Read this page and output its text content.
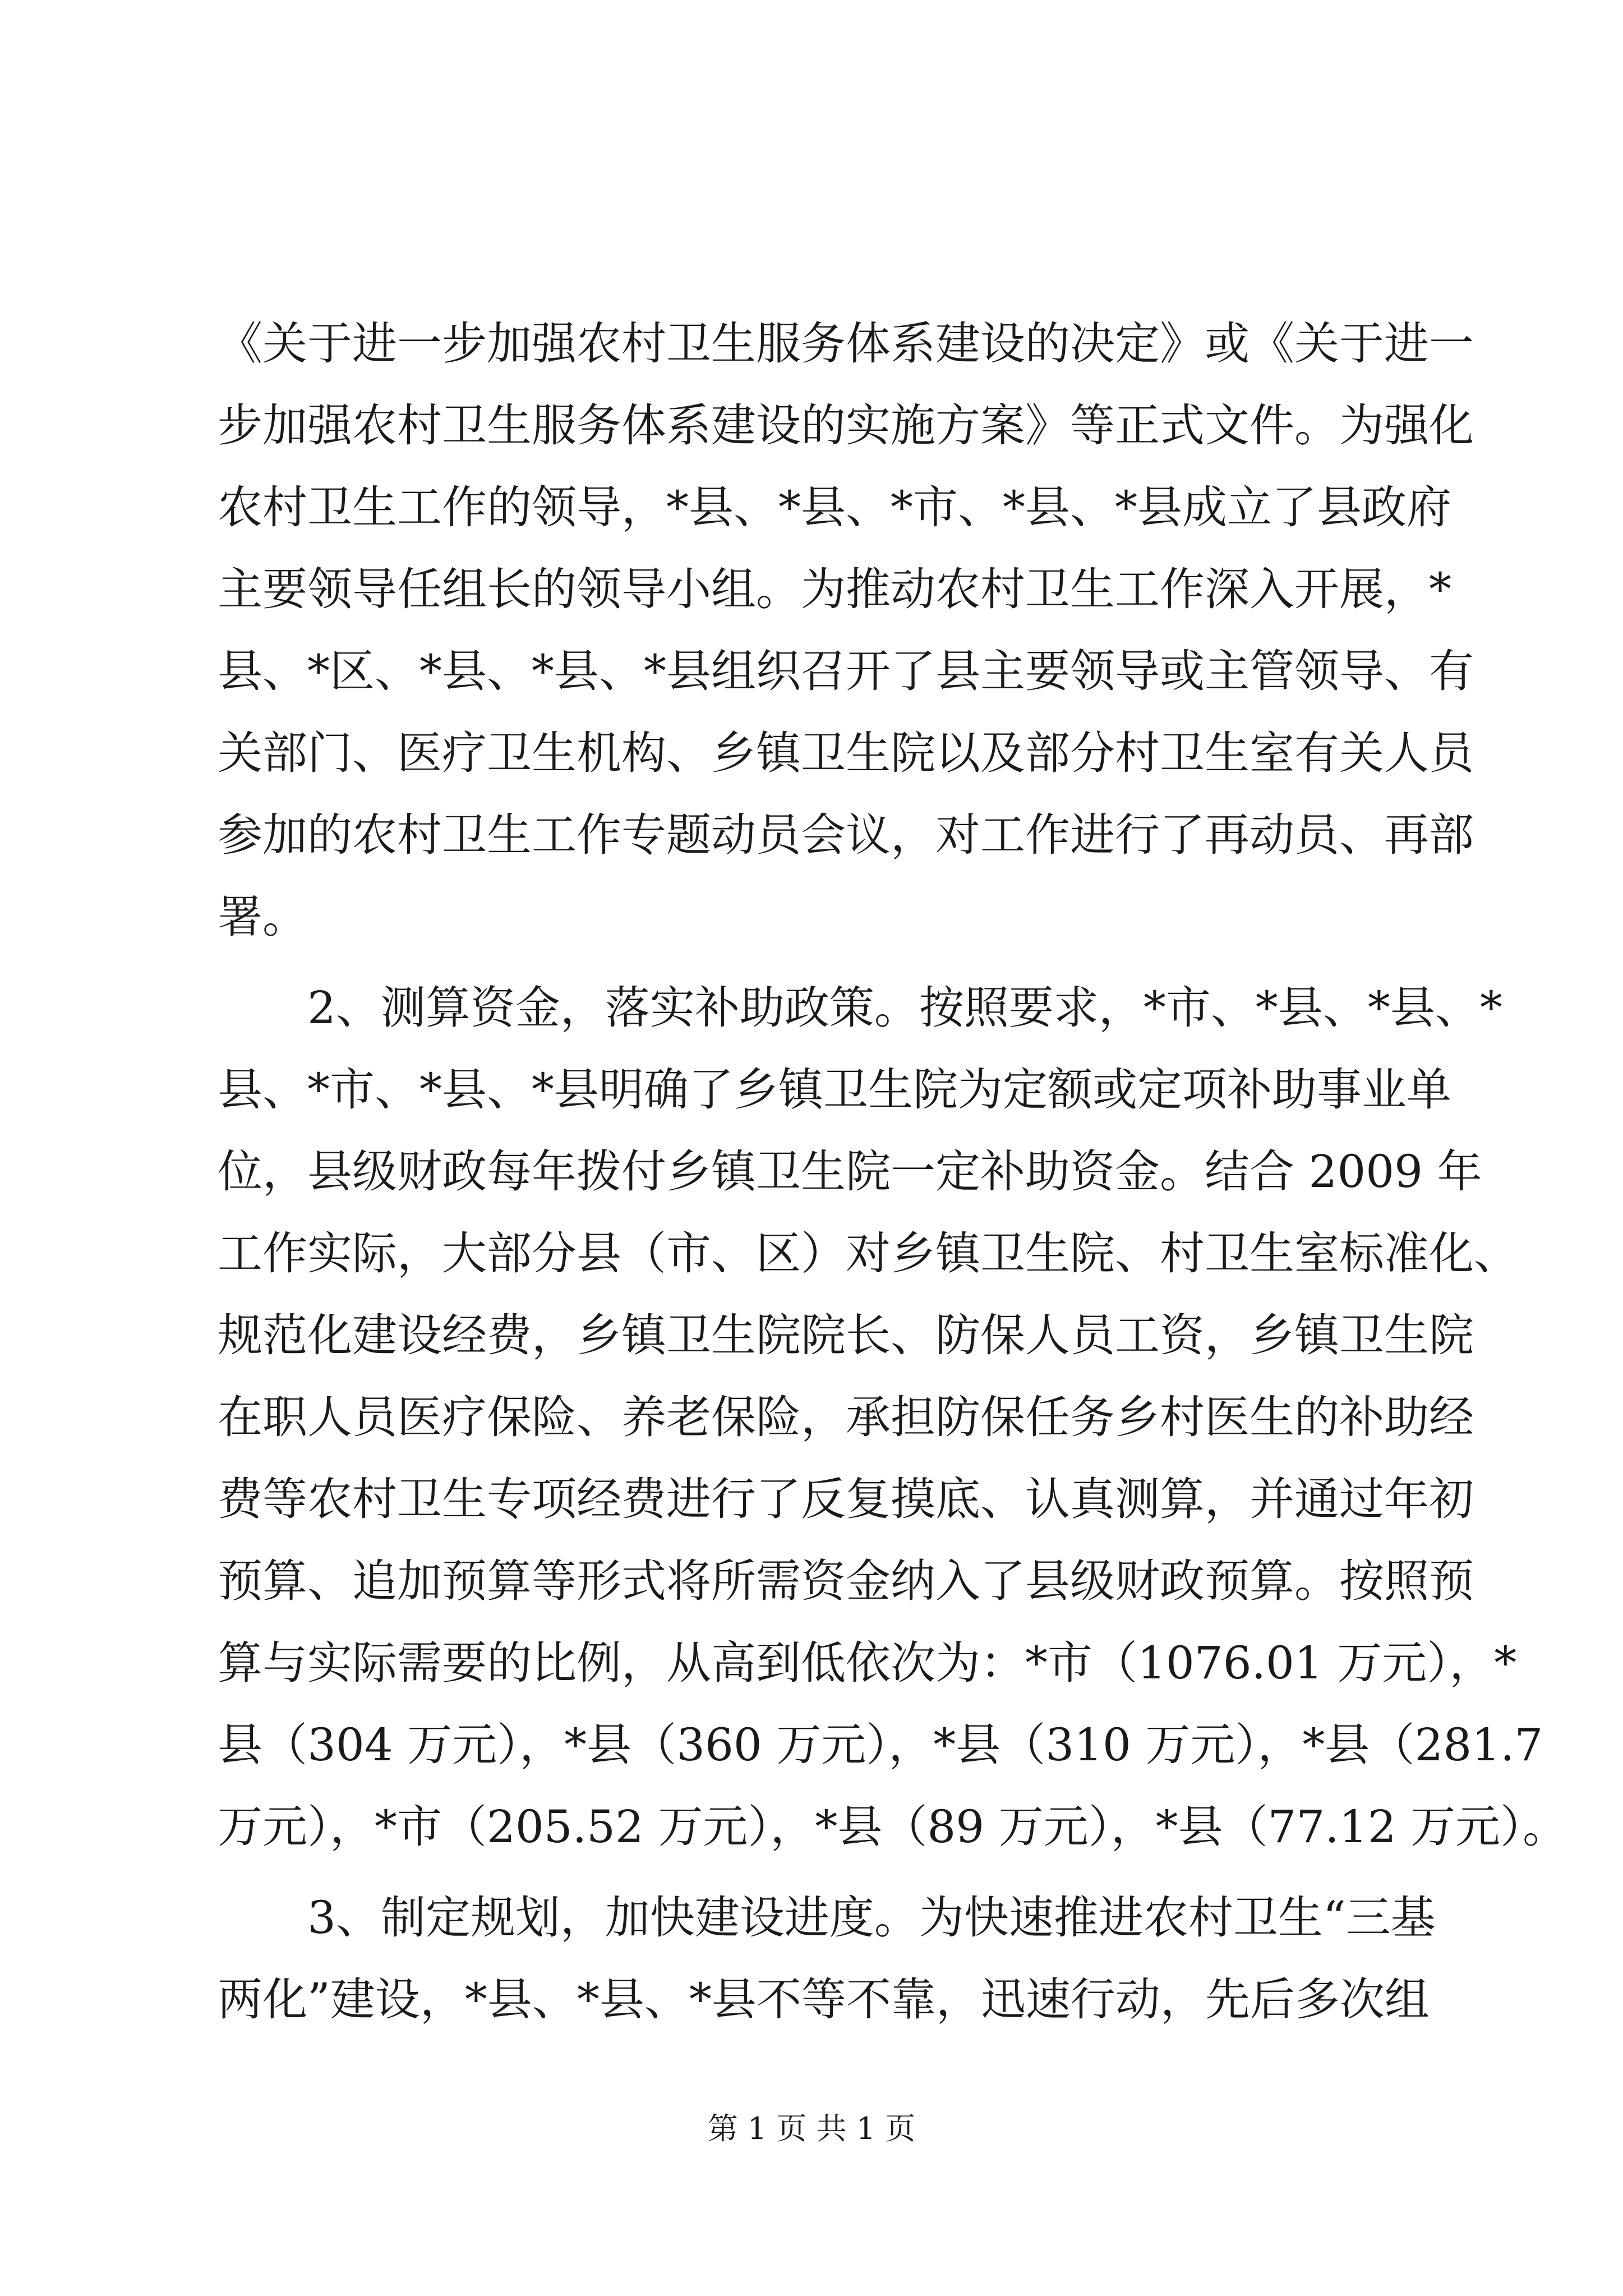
《关于进一步加强农村卫生服务体系建设的决定》或《关于进一
步加强农村卫生服务体系建设的实施方案》等正式文件。为强化
农村卫生工作的领导，*县、*县、*市、*县、*县成立了县政府
主要领导任组长的领导小组。为推动农村卫生工作深入开展，*
县、*区、*县、*县、*县组织召开了县主要领导或主管领导、有
关部门、医疗卫生机构、乡镇卫生院以及部分村卫生室有关人员
参加的农村卫生工作专题动员会议，对工作进行了再动员、再部
署。
2、测算资金，落实补助政策。按照要求，*市、*县、*县、*
县、*市、*县、*县明确了乡镇卫生院为定额或定项补助事业单
位，县级财政每年拨付乡镇卫生院一定补助资金。结合 2009 年
工作实际，大部分县（市、区）对乡镇卫生院、村卫生室标准化、
规范化建设经费，乡镇卫生院院长、防保人员工资，乡镇卫生院
在职人员医疗保险、养老保险，承担防保任务乡村医生的补助经
费等农村卫生专项经费进行了反复摸底、认真测算，并通过年初
预算、追加预算等形式将所需资金纳入了县级财政预算。按照预
算与实际需要的比例，从高到低依次为：*市（1076.01 万元），*
县（304 万元），*县（360 万元），*县（310 万元），*县（281.7
万元），*市（205.52 万元），*县（89 万元），*县（77.12 万元）。
3、制定规划，加快建设进度。为快速推进农村卫生“三基
两化”建设，*县、*县、*县不等不靠，迅速行动，先后多次组
第 1 页 共 1 页
